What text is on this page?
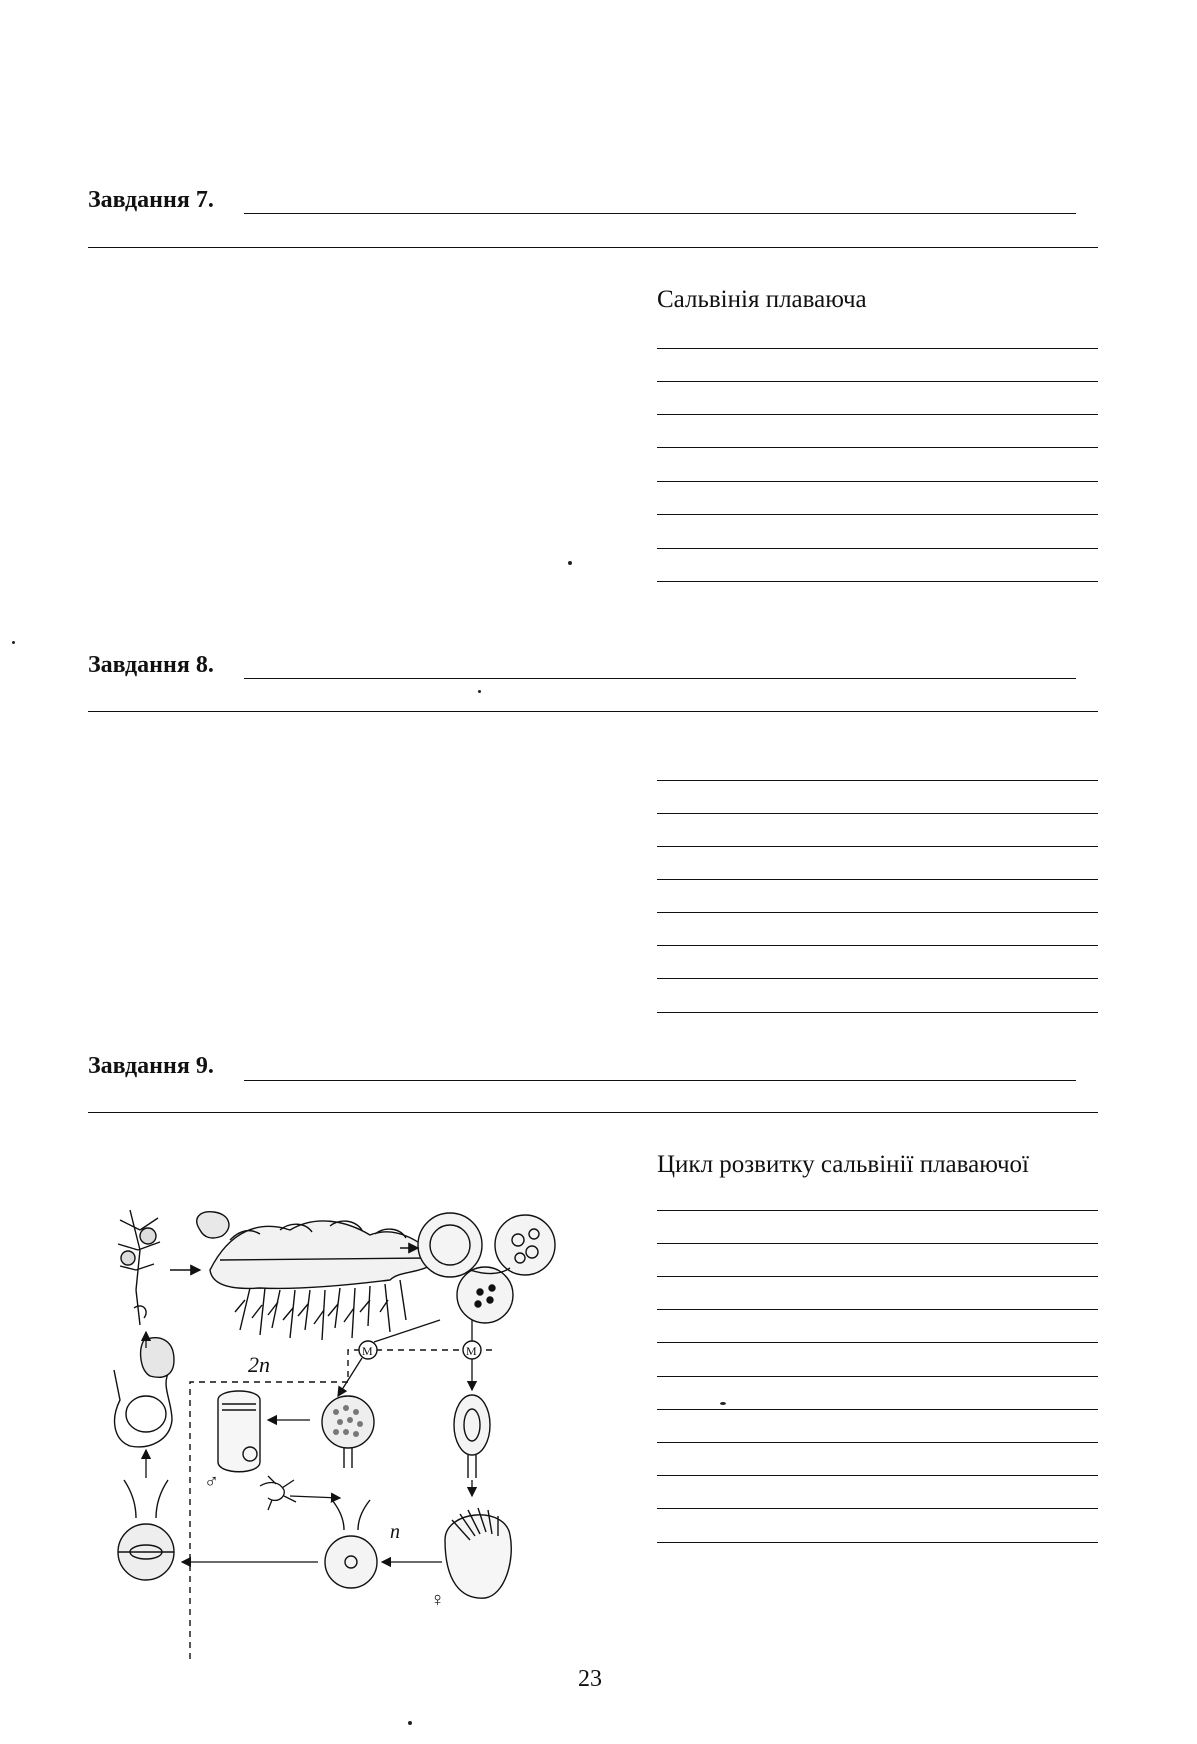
Завдання 7.
Сальвінія плаваюча
Завдання 8.
Завдання 9.
Цикл розвитку сальвінії плаваючої
2n
n
M	M
♂
♀
23
